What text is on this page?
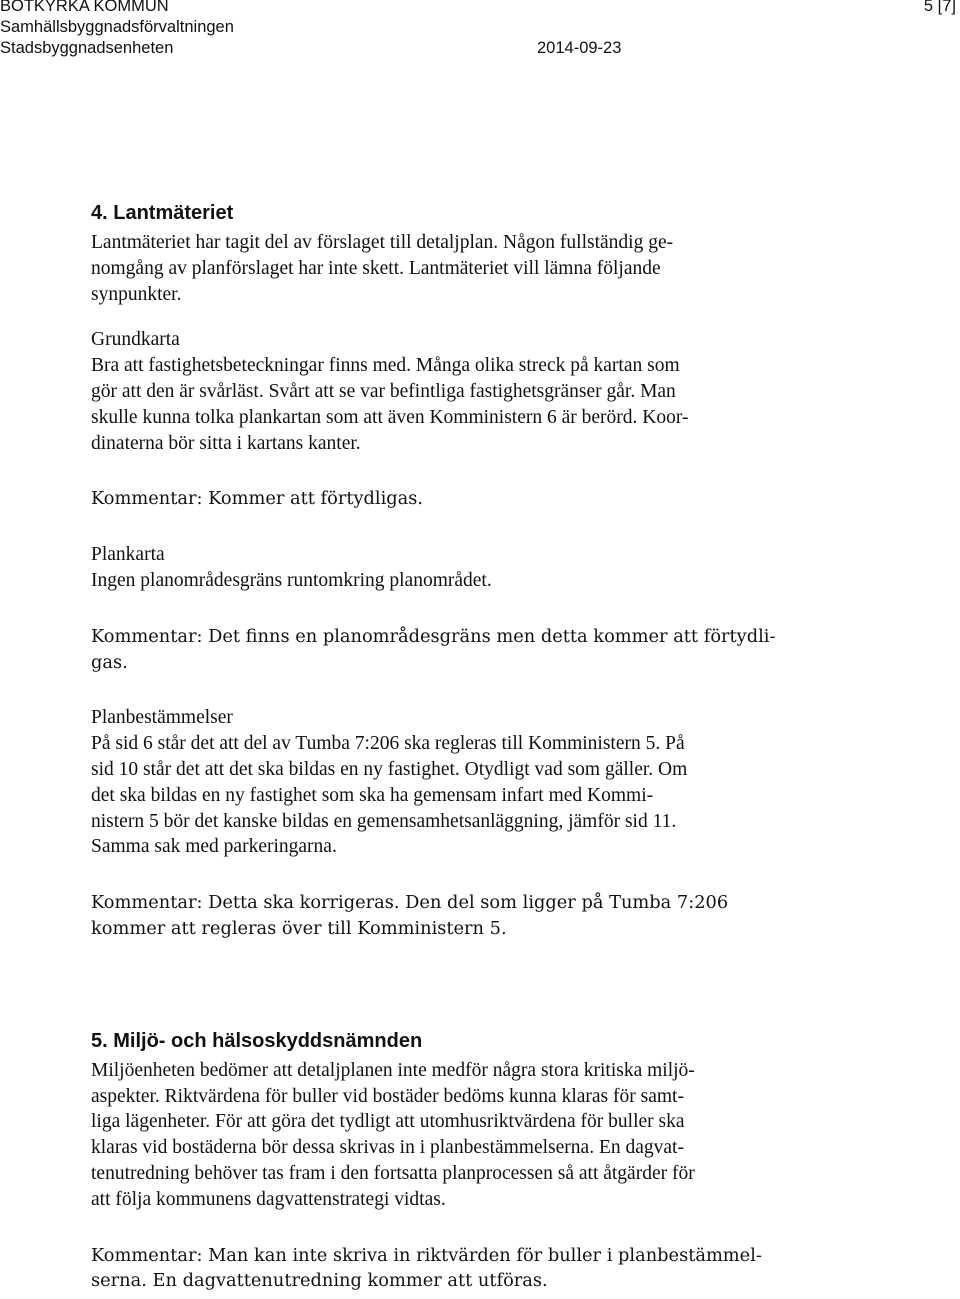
BOTKYRKA KOMMUN
Samhällsbyggnadsförvaltningen
Stadsbyggnadsenheten	2014-09-23
5 [7]
4. Lantmäteriet

Lantmäteriet har tagit del av förslaget till detaljplan. Någon fullständig ge-
nomgång av planförslaget har inte skett. Lantmäteriet vill lämna följande
synpunkter.

Grundkarta
Bra att fastighetsbeteckningar finns med. Många olika streck på kartan som
gör att den är svårläst. Svårt att se var befintliga fastighetsgränser går. Man
skulle kunna tolka plankartan som att även Komministern 6 är berörd. Koor-
dinaterna bör sitta i kartans kanter.

Kommentar: Kommer att förtydligas.

Plankarta
Ingen planområdesgräns runtomkring planområdet.

Kommentar: Det finns en planområdesgräns men detta kommer att förtydli-
gas.

Planbestämmelser
På sid 6 står det att del av Tumba 7:206 ska regleras till Komministern 5. På
sid 10 står det att det ska bildas en ny fastighet. Otydligt vad som gäller. Om
det ska bildas en ny fastighet som ska ha gemensam infart med Kommi-
nistern 5 bör det kanske bildas en gemensamhetsanläggning, jämför sid 11.
Samma sak med parkeringarna.

Kommentar: Detta ska korrigeras. Den del som ligger på Tumba 7:206
kommer att regleras över till Komministern 5.

5. Miljö- och hälsoskyddsnämnden

Miljöenheten bedömer att detaljplanen inte medför några stora kritiska miljö-
aspekter. Riktvärdena för buller vid bostäder bedöms kunna klaras för samt-
liga lägenheter. För att göra det tydligt att utomhusriktvärdena för buller ska
klaras vid bostäderna bör dessa skrivas in i planbestämmelserna. En dagvat-
tenutredning behöver tas fram i den fortsatta planprocessen så att åtgärder för
att följa kommunens dagvattenstrategi vidtas.

Kommentar: Man kan inte skriva in riktvärden för buller i planbestämmel-
serna. En dagvattenutredning kommer att utföras.
